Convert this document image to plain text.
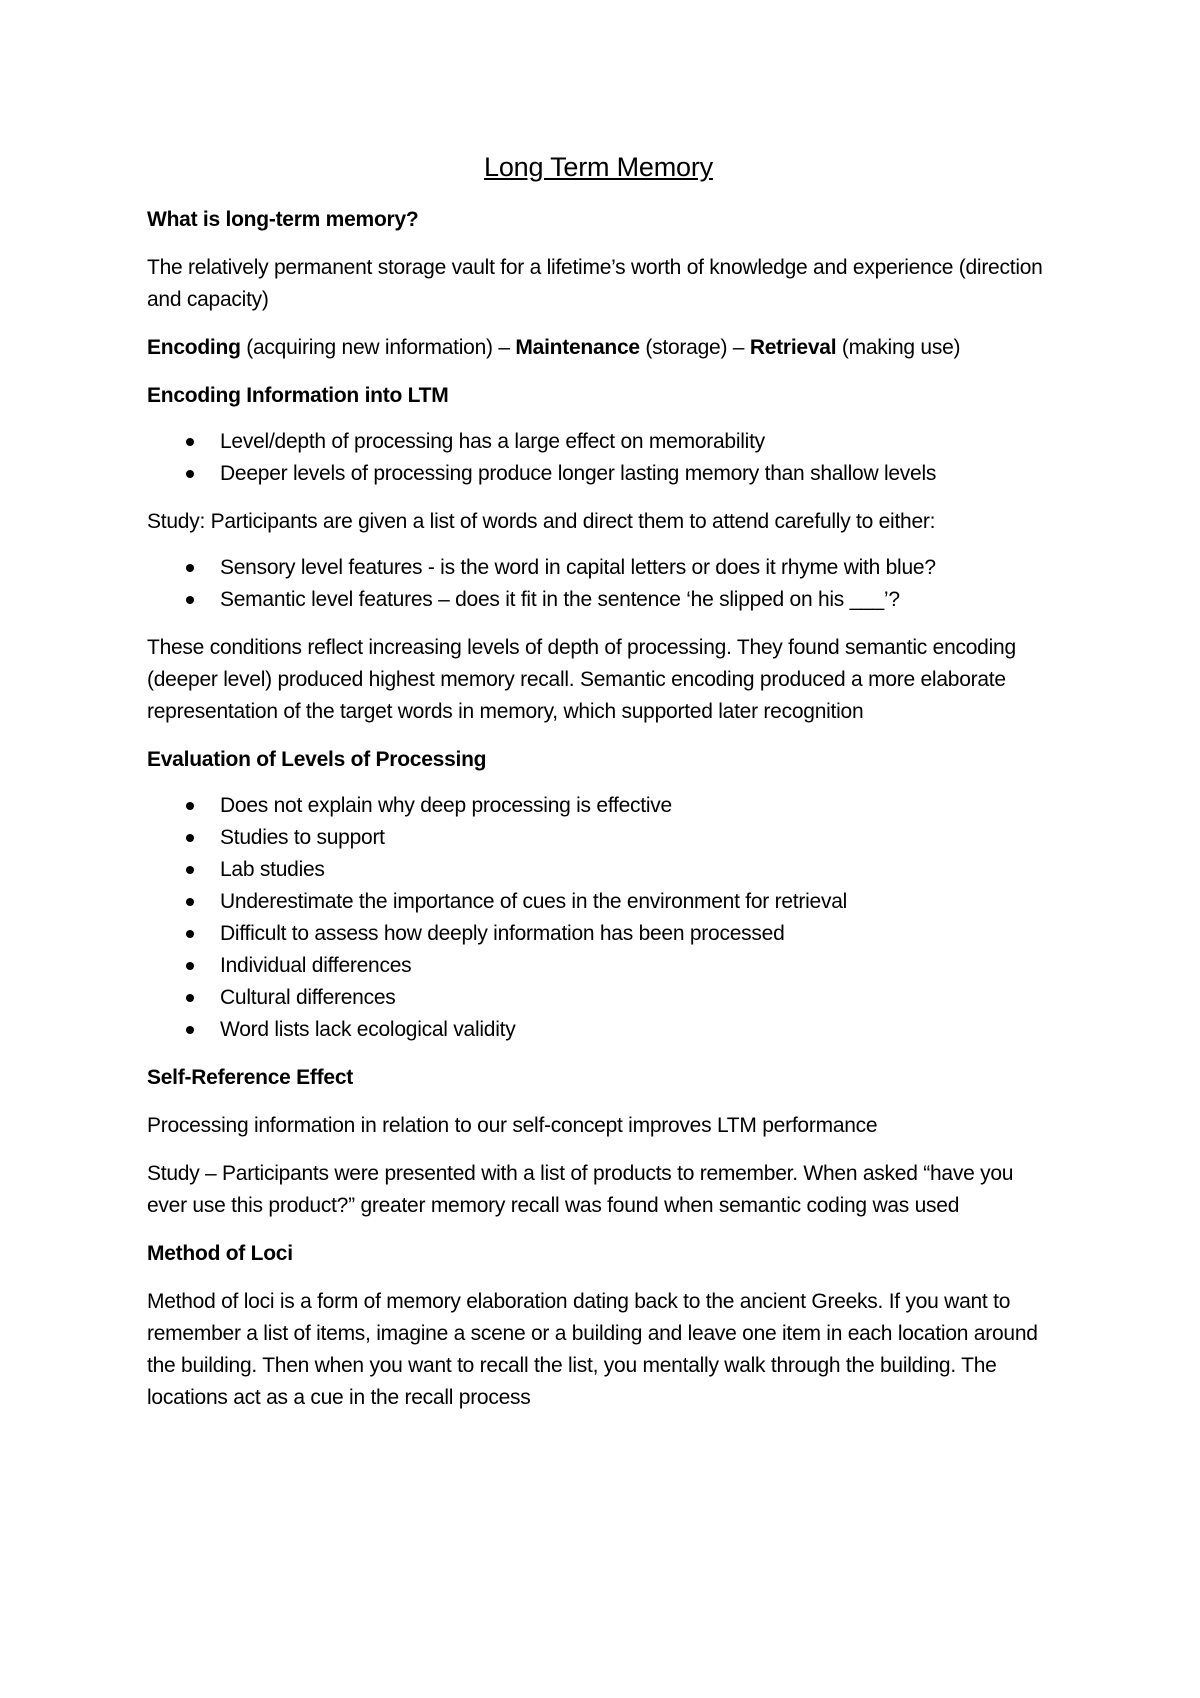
Long Term Memory

What is long-term memory?

The relatively permanent storage vault for a lifetime’s worth of knowledge and experience (direction and capacity)

Encoding (acquiring new information) – Maintenance (storage) – Retrieval (making use)

Encoding Information into LTM

Level/depth of processing has a large effect on memorability
Deeper levels of processing produce longer lasting memory than shallow levels

Study: Participants are given a list of words and direct them to attend carefully to either:

Sensory level features - is the word in capital letters or does it rhyme with blue?
Semantic level features – does it fit in the sentence ‘he slipped on his ___’?

These conditions reflect increasing levels of depth of processing. They found semantic encoding (deeper level) produced highest memory recall. Semantic encoding produced a more elaborate representation of the target words in memory, which supported later recognition

Evaluation of Levels of Processing

Does not explain why deep processing is effective
Studies to support
Lab studies
Underestimate the importance of cues in the environment for retrieval
Difficult to assess how deeply information has been processed
Individual differences
Cultural differences
Word lists lack ecological validity

Self-Reference Effect

Processing information in relation to our self-concept improves LTM performance

Study – Participants were presented with a list of products to remember. When asked “have you ever use this product?” greater memory recall was found when semantic coding was used

Method of Loci

Method of loci is a form of memory elaboration dating back to the ancient Greeks. If you want to remember a list of items, imagine a scene or a building and leave one item in each location around the building. Then when you want to recall the list, you mentally walk through the building. The locations act as a cue in the recall process
